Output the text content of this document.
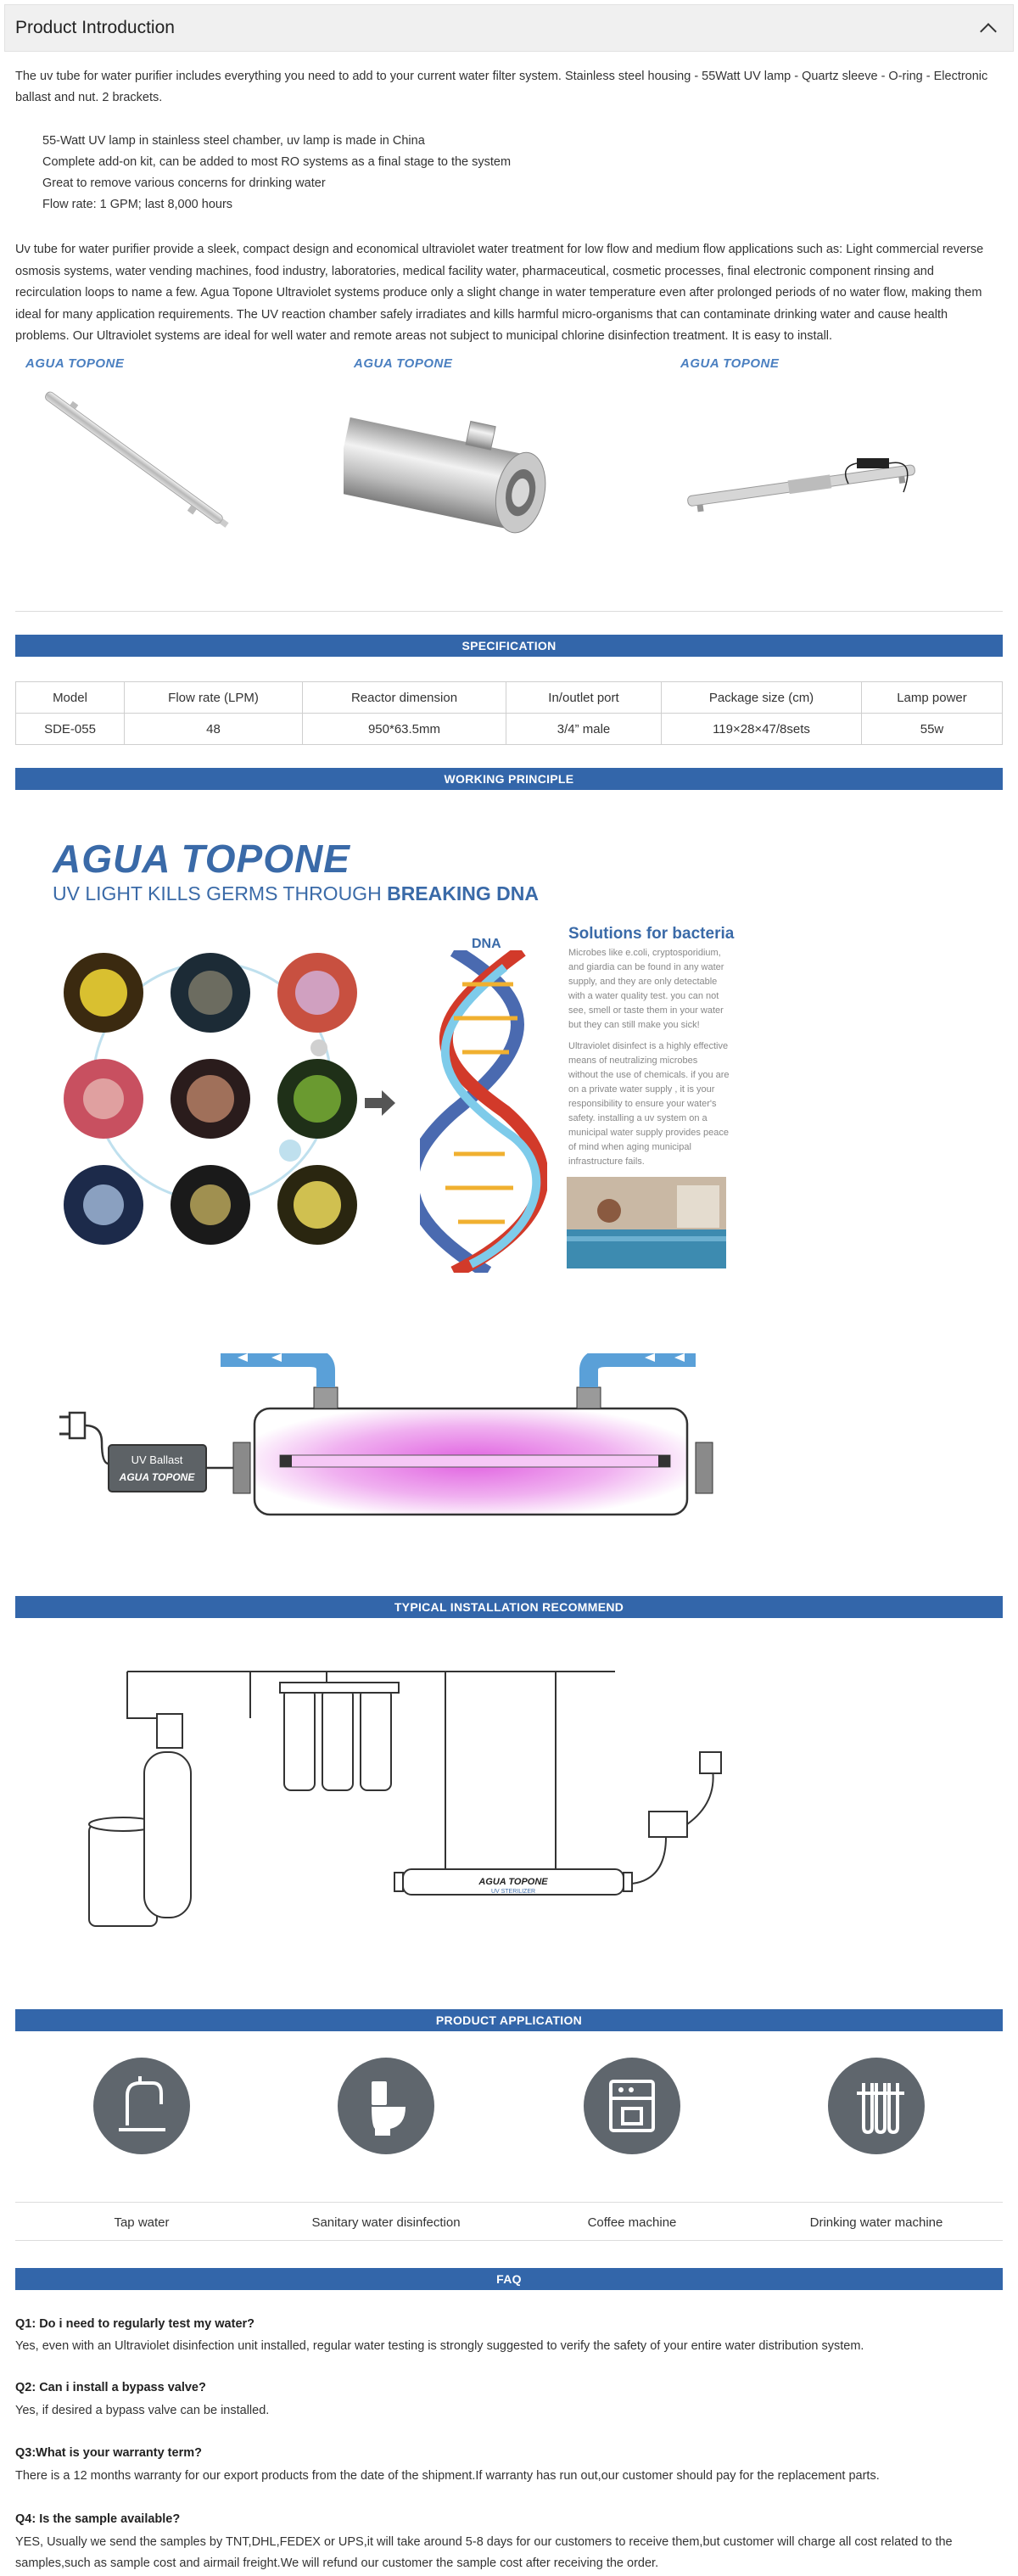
Product Introduction

The uv tube for water purifier includes everything you need to add to your current water filter system. Stainless steel housing - 55Watt UV lamp - Quartz sleeve - O-ring - Electronic ballast and nut. 2 brackets.

55-Watt UV lamp in stainless steel chamber, uv lamp is made in China
Complete add-on kit, can be added to most RO systems as a final stage to the system
Great to remove various concerns for drinking water
Flow rate: 1 GPM; last 8,000 hours

Uv tube for water purifier provide a sleek, compact design and economical ultraviolet water treatment for low flow and medium flow applications such as: Light commercial reverse osmosis systems, water vending machines, food industry, laboratories, medical facility water, pharmaceutical, cosmetic processes, final electronic component rinsing and recirculation loops to name a few. Agua Topone Ultraviolet systems produce only a slight change in water temperature even after prolonged periods of no water flow, making them ideal for many application requirements. The UV reaction chamber safely irradiates and kills harmful micro-organisms that can contaminate drinking water and cause health problems. Our Ultraviolet systems are ideal for well water and remote areas not subject to municipal chlorine disinfection treatment. It is easy to install.

AGUA TOPONE	AGUA TOPONE	AGUA TOPONE
SPECIFICATION
Model	Flow rate (LPM)	Reactor dimension	In/outlet port	Package size (cm)	Lamp power
SDE-055	48	950*63.5mm	3/4” male	119×28×47/8sets	55w
WORKING PRINCIPLE
AGUA TOPONE
UV LIGHT KILLS GERMS THROUGH BREAKING DNA
DNA
Solutions for bacteria

Microbes like e.coli, cryptosporidium, and giardia can be found in any water supply, and they are only detectable with a water quality test. you can not see, smell or taste them in your water but they can still make you sick!

Ultraviolet disinfect is a highly effective means of neutralizing microbes without the use of chemicals. if you are on a private water supply , it is your responsibility to ensure your water's safety. installing a uv system on a municipal water supply provides peace of mind when aging municipal infrastructure fails.

UV Ballast
AGUA TOPONE
TYPICAL INSTALLATION RECOMMEND
AGUA TOPONE
UV STERILIZER
PRODUCT APPLICATION
Tap water	Sanitary water disinfection	Coffee machine	Drinking water machine
FAQ
Q1: Do i need to regularly test my water?
Yes, even with an Ultraviolet disinfection unit installed, regular water testing is strongly suggested to verify the safety of your entire water distribution system.
Q2: Can i install a bypass valve?
Yes, if desired a bypass valve can be installed.
Q3:What is your warranty term?
There is a 12 months warranty for our export products from the date of the shipment.If warranty has run out,our customer should pay for the replacement parts.
Q4: Is the sample available?
YES, Usually we send the samples by TNT,DHL,FEDEX or UPS,it will take around 5-8 days for our customers to receive them,but customer will charge all cost related to the samples,such as sample cost and airmail freight.We will refund our customer the sample cost after receiving the order.
